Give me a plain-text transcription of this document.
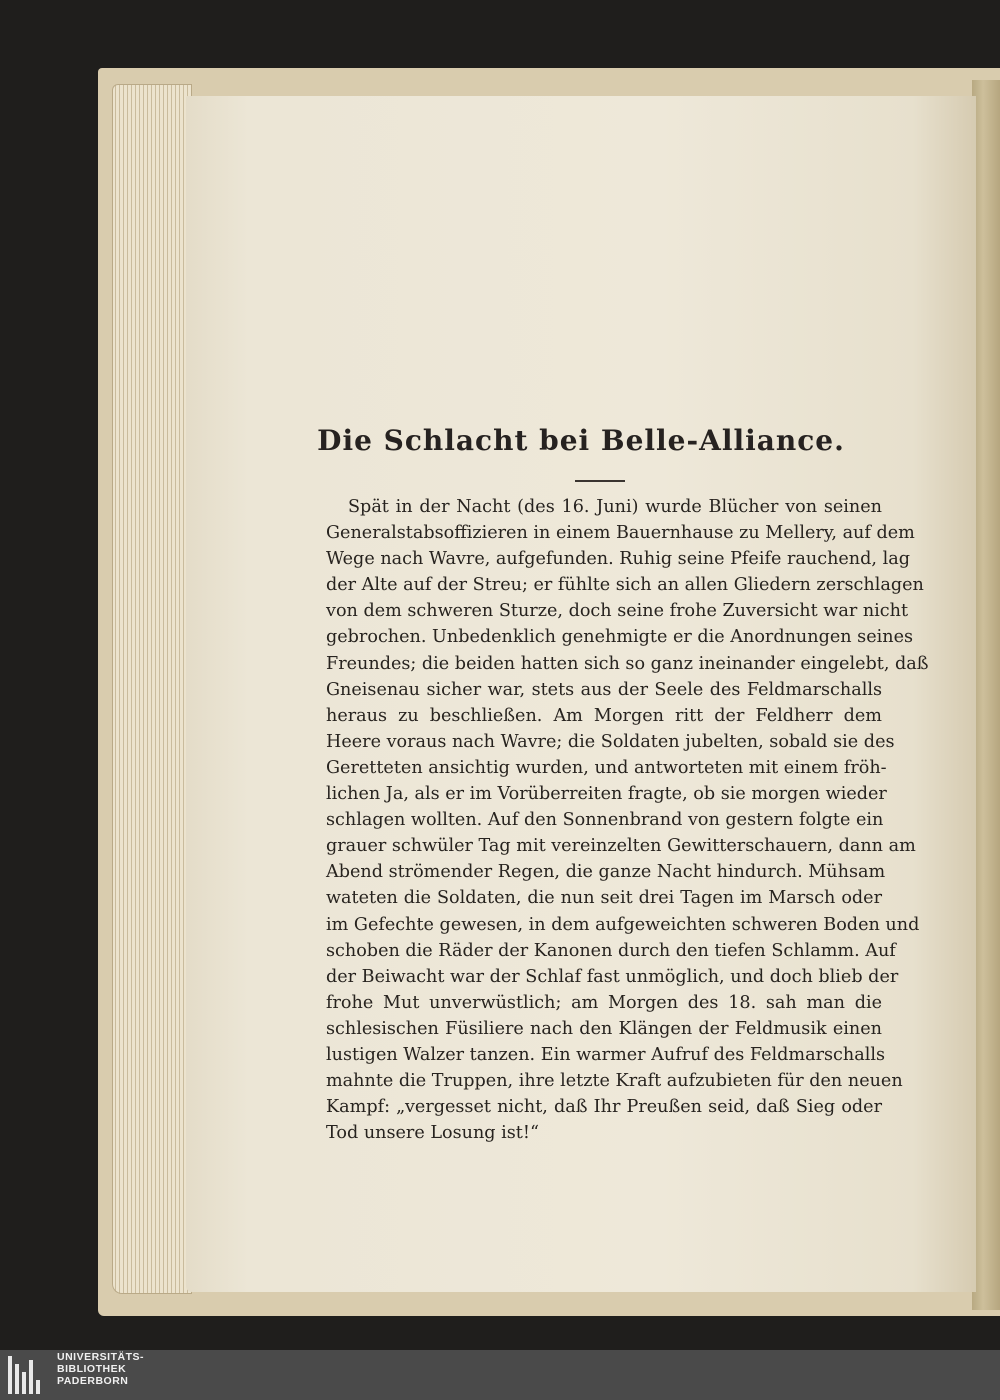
Die Schlacht bei Belle-Alliance.
Spät in der Nacht (des 16. Juni) wurde Blücher von seinen
Generalstabsoffizieren in einem Bauernhause zu Mellery, auf dem
Wege nach Wavre, aufgefunden. Ruhig seine Pfeife rauchend, lag
der Alte auf der Streu; er fühlte sich an allen Gliedern zerschlagen
von dem schweren Sturze, doch seine frohe Zuversicht war nicht
gebrochen. Unbedenklich genehmigte er die Anordnungen seines
Freundes; die beiden hatten sich so ganz ineinander eingelebt, daß
Gneisenau sicher war, stets aus der Seele des Feldmarschalls
heraus zu beschließen. Am Morgen ritt der Feldherr dem
Heere voraus nach Wavre; die Soldaten jubelten, sobald sie des
Geretteten ansichtig wurden, und antworteten mit einem fröh-
lichen Ja, als er im Vorüberreiten fragte, ob sie morgen wieder
schlagen wollten. Auf den Sonnenbrand von gestern folgte ein
grauer schwüler Tag mit vereinzelten Gewitterschauern, dann am
Abend strömender Regen, die ganze Nacht hindurch. Mühsam
wateten die Soldaten, die nun seit drei Tagen im Marsch oder
im Gefechte gewesen, in dem aufgeweichten schweren Boden und
schoben die Räder der Kanonen durch den tiefen Schlamm. Auf
der Beiwacht war der Schlaf fast unmöglich, und doch blieb der
frohe Mut unverwüstlich; am Morgen des 18. sah man die
schlesischen Füsiliere nach den Klängen der Feldmusik einen
lustigen Walzer tanzen. Ein warmer Aufruf des Feldmarschalls
mahnte die Truppen, ihre letzte Kraft aufzubieten für den neuen
Kampf: „vergesset nicht, daß Ihr Preußen seid, daß Sieg oder
Tod unsere Losung ist!“
UNIVERSITÄTS-
BIBLIOTHEK
PADERBORN
